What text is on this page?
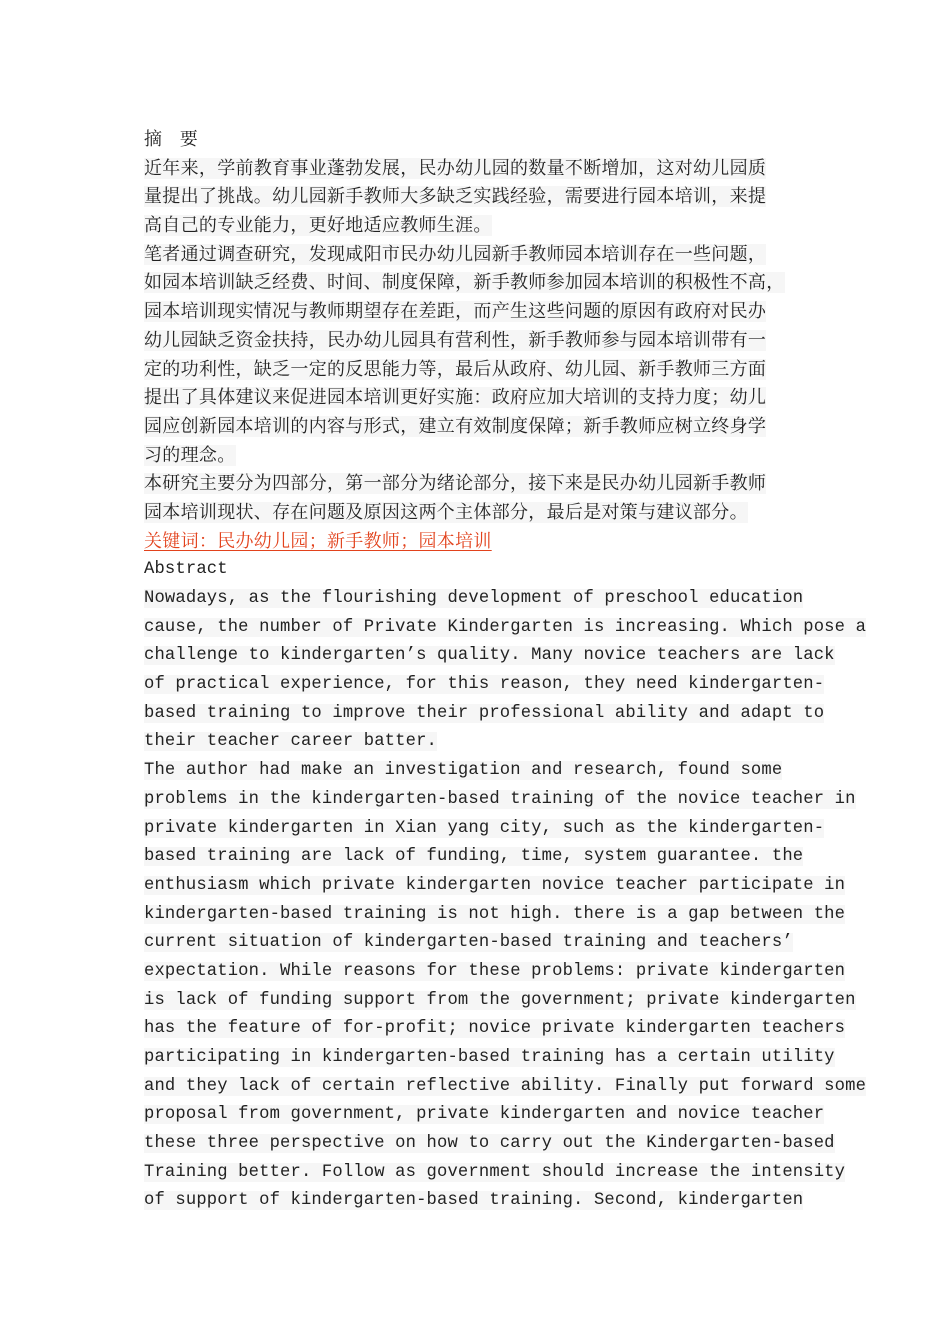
摘 要
近年来，学前教育事业蓬勃发展，民办幼儿园的数量不断增加，这对幼儿园质
量提出了挑战。幼儿园新手教师大多缺乏实践经验，需要进行园本培训，来提
高自己的专业能力，更好地适应教师生涯。
笔者通过调查研究，发现咸阳市民办幼儿园新手教师园本培训存在一些问题，
如园本培训缺乏经费、时间、制度保障，新手教师参加园本培训的积极性不高，
园本培训现实情况与教师期望存在差距，而产生这些问题的原因有政府对民办
幼儿园缺乏资金扶持，民办幼儿园具有营利性，新手教师参与园本培训带有一
定的功利性，缺乏一定的反思能力等，最后从政府、幼儿园、新手教师三方面
提出了具体建议来促进园本培训更好实施：政府应加大培训的支持力度；幼儿
园应创新园本培训的内容与形式，建立有效制度保障；新手教师应树立终身学
习的理念。
本研究主要分为四部分，第一部分为绪论部分，接下来是民办幼儿园新手教师
园本培训现状、存在问题及原因这两个主体部分，最后是对策与建议部分。
关键词：民办幼儿园；新手教师；园本培训
Abstract
Nowadays, as the flourishing development of preschool education
cause, the number of Private Kindergarten is increasing. Which pose a
challenge to kindergarten’s quality. Many novice teachers are lack
of practical experience, for this reason, they need kindergarten-
based training to improve their professional ability and adapt to
their teacher career batter.
The author had make an investigation and research, found some
problems in the kindergarten-based training of the novice teacher in
private kindergarten in Xian yang city, such as the kindergarten-
based training are lack of funding, time, system guarantee. the
enthusiasm which private kindergarten novice teacher participate in
kindergarten-based training is not high. there is a gap between the
current situation of kindergarten-based training and teachers’
expectation. While reasons for these problems: private kindergarten
is lack of funding support from the government; private kindergarten
has the feature of for-profit; novice private kindergarten teachers
participating in kindergarten-based training has a certain utility
and they lack of certain reflective ability. Finally put forward some
proposal from government, private kindergarten and novice teacher
these three perspective on how to carry out the Kindergarten-based
Training better. Follow as government should increase the intensity
of support of kindergarten-based training. Second, kindergarten
